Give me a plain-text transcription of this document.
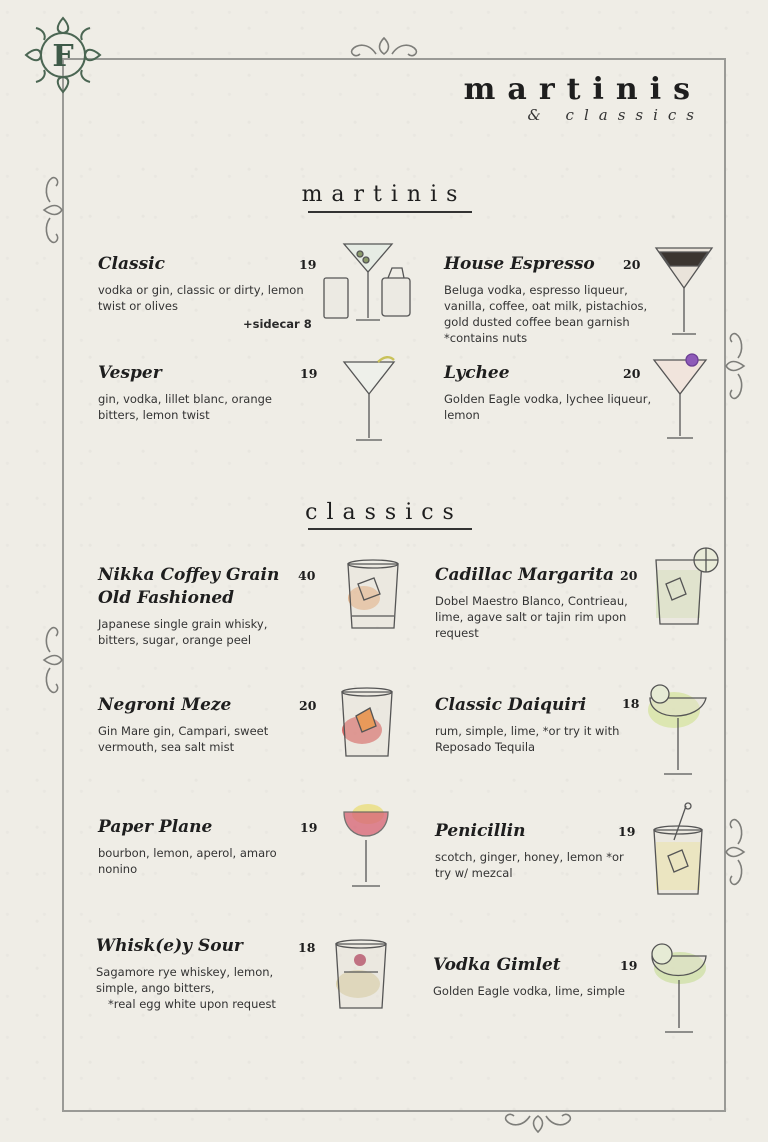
F
martinis
& classics
martinis
Classic
vodka or gin, classic or dirty, lemon twist or olives
19
+sidecar 8
House Espresso
Beluga vodka, espresso liqueur, vanilla, coffee, oat milk, pistachios, gold dusted coffee bean garnish *contains nuts
20
Vesper
gin, vodka, lillet blanc, orange bitters, lemon twist
19	Lychee
Golden Eagle vodka, lychee liqueur, lemon
20
classics
Nikka Coffey Grain Old Fashioned
Japanese single grain whisky, bitters, sugar, orange peel
40	Cadillac Margarita
Dobel Maestro Blanco, Contrieau, lime, agave salt or tajin rim upon request
20
Negroni Meze
Gin Mare gin, Campari, sweet vermouth, sea salt mist
20	Classic Daiquiri
rum, simple, lime, *or try it with Reposado Tequila
18
Paper Plane
bourbon, lemon, aperol, amaro nonino
19	Penicillin
scotch, ginger, honey, lemon *or try w/ mezcal
19
Whisk(e)y Sour
Sagamore rye whiskey, lemon, simple, ango bitters,
18
*real egg white upon request
Vodka Gimlet
Golden Eagle vodka, lime, simple
19
